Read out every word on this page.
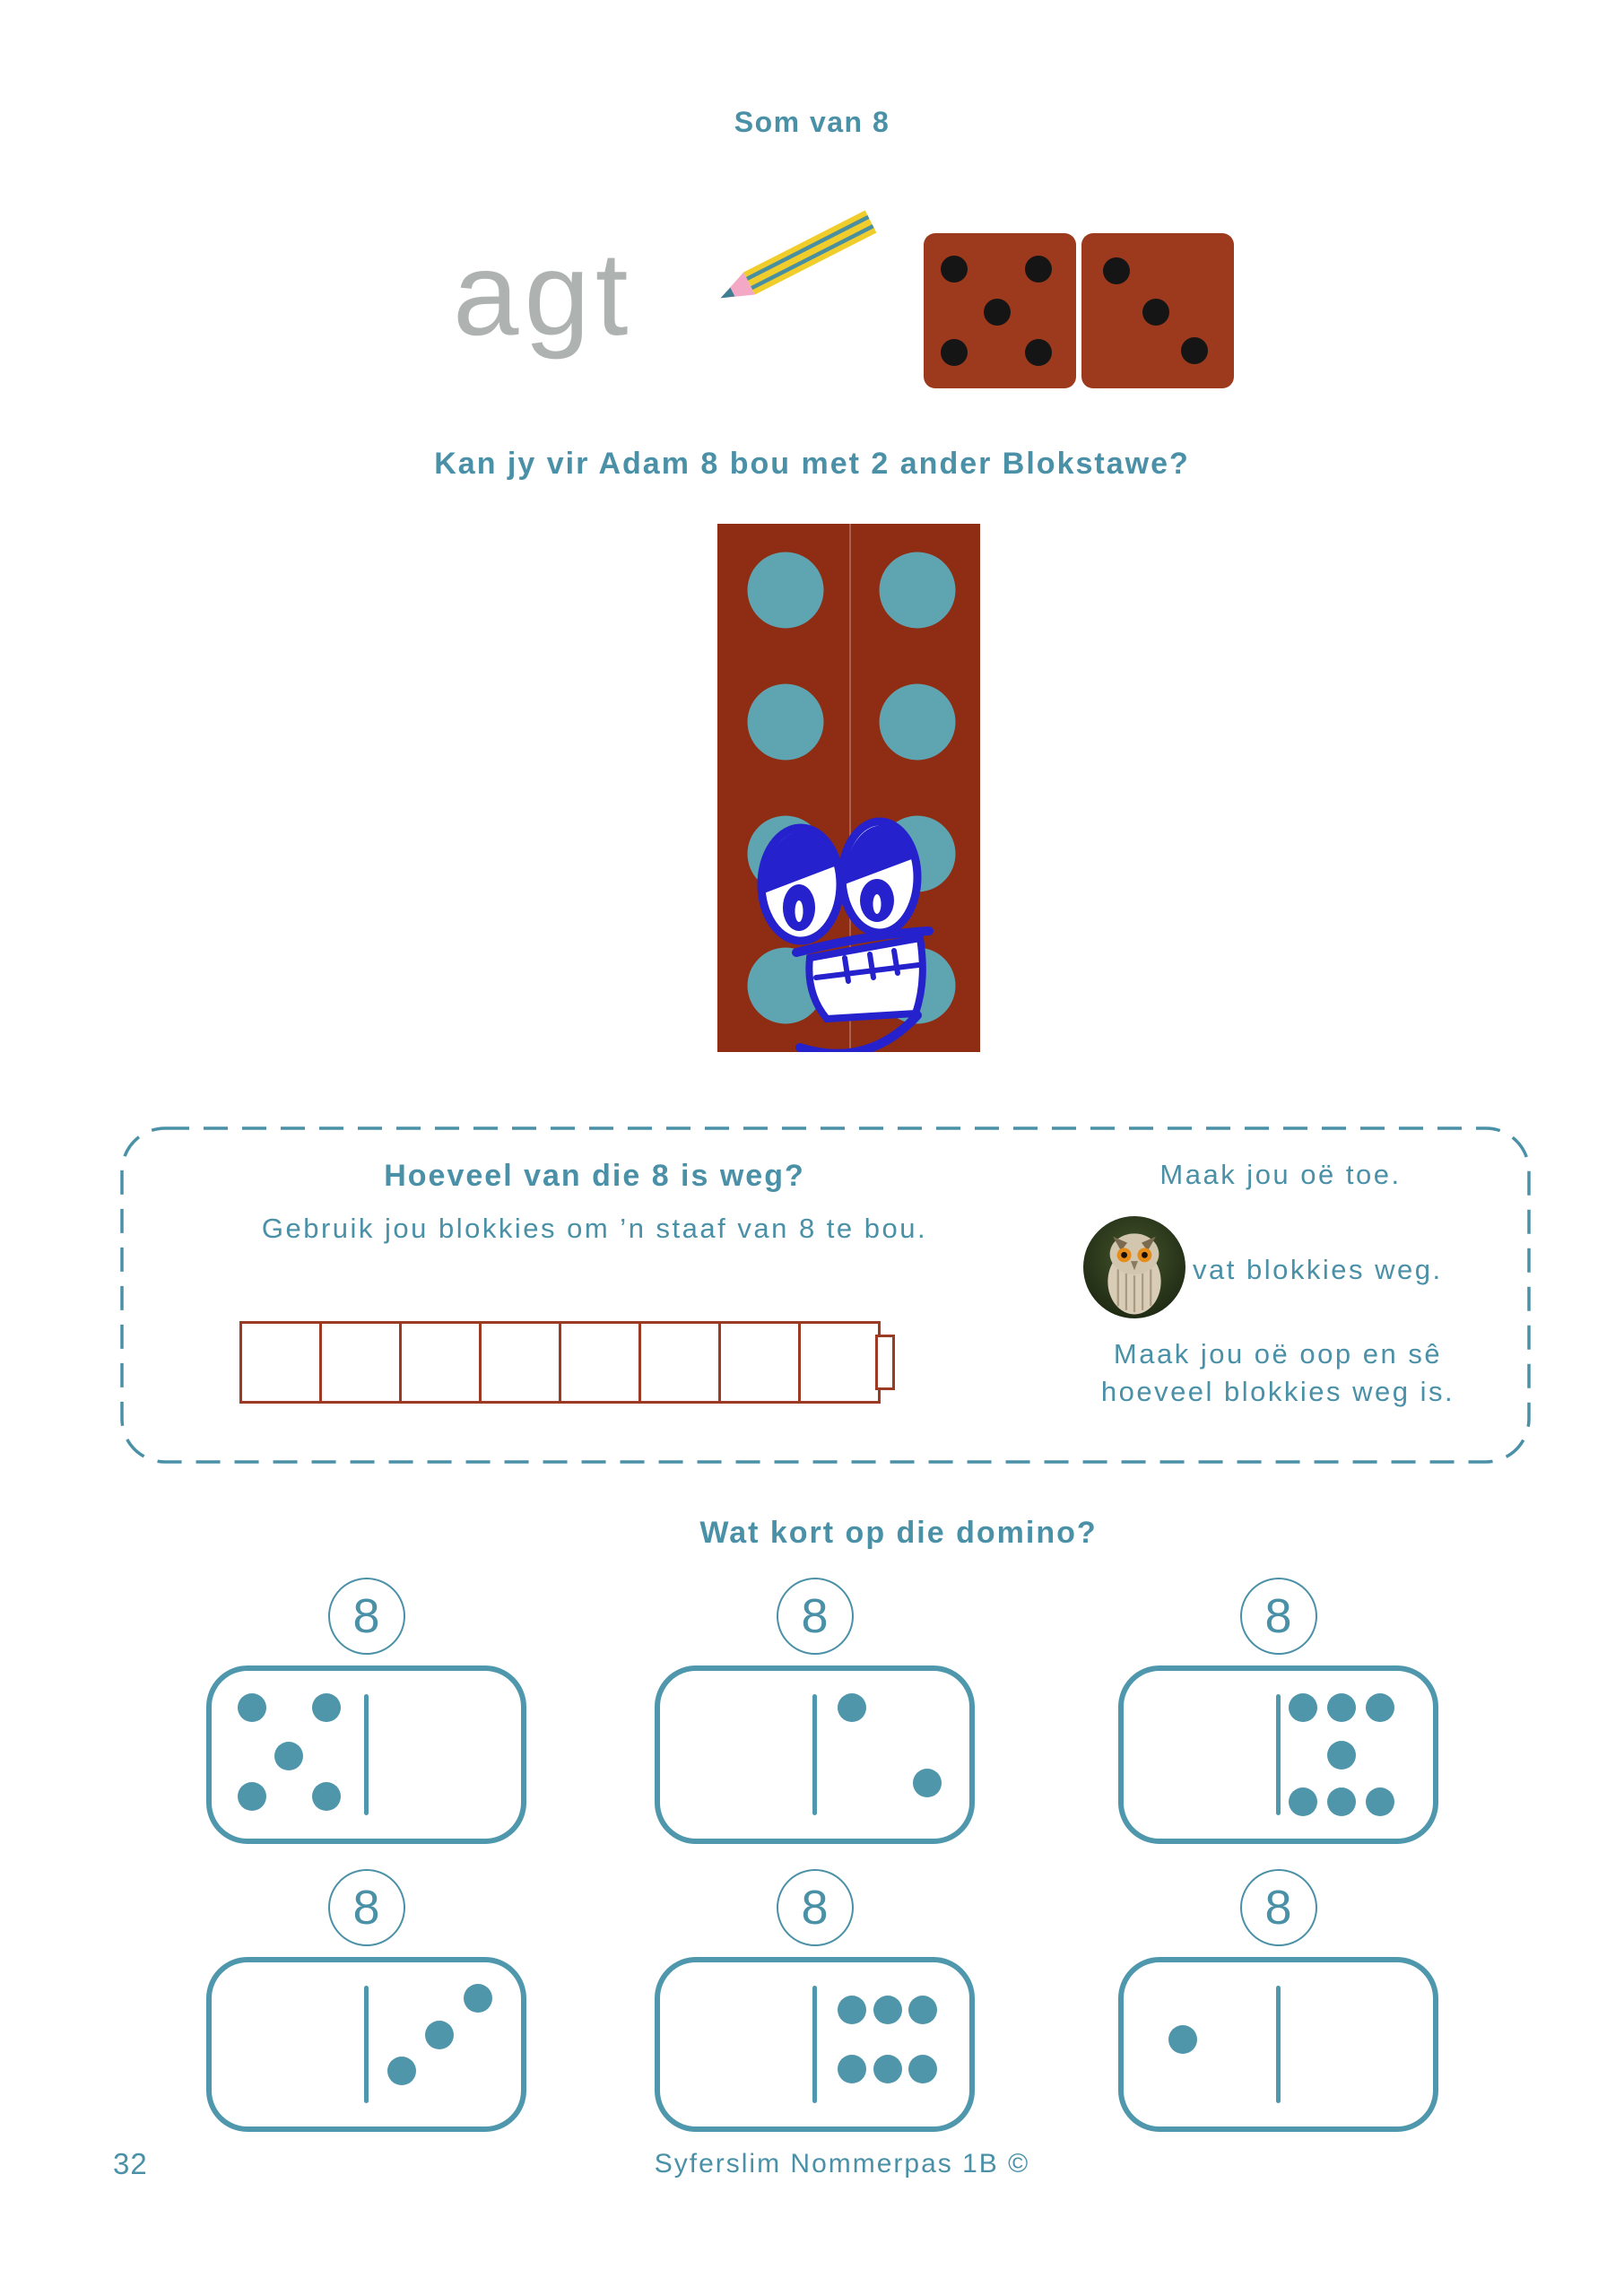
Som van 8
agt
Kan jy vir Adam 8 bou met 2 ander Blokstawe?
Hoeveel van die 8 is weg?
Gebruik jou blokkies om ’n staaf van 8 te bou.
Maak jou oë toe.
vat blokkies weg.
Maak jou oë oop en sê
hoeveel blokkies weg is.
Wat kort op die domino?
8	8	8
8	8	8
32	Syferslim Nommerpas 1B ©
